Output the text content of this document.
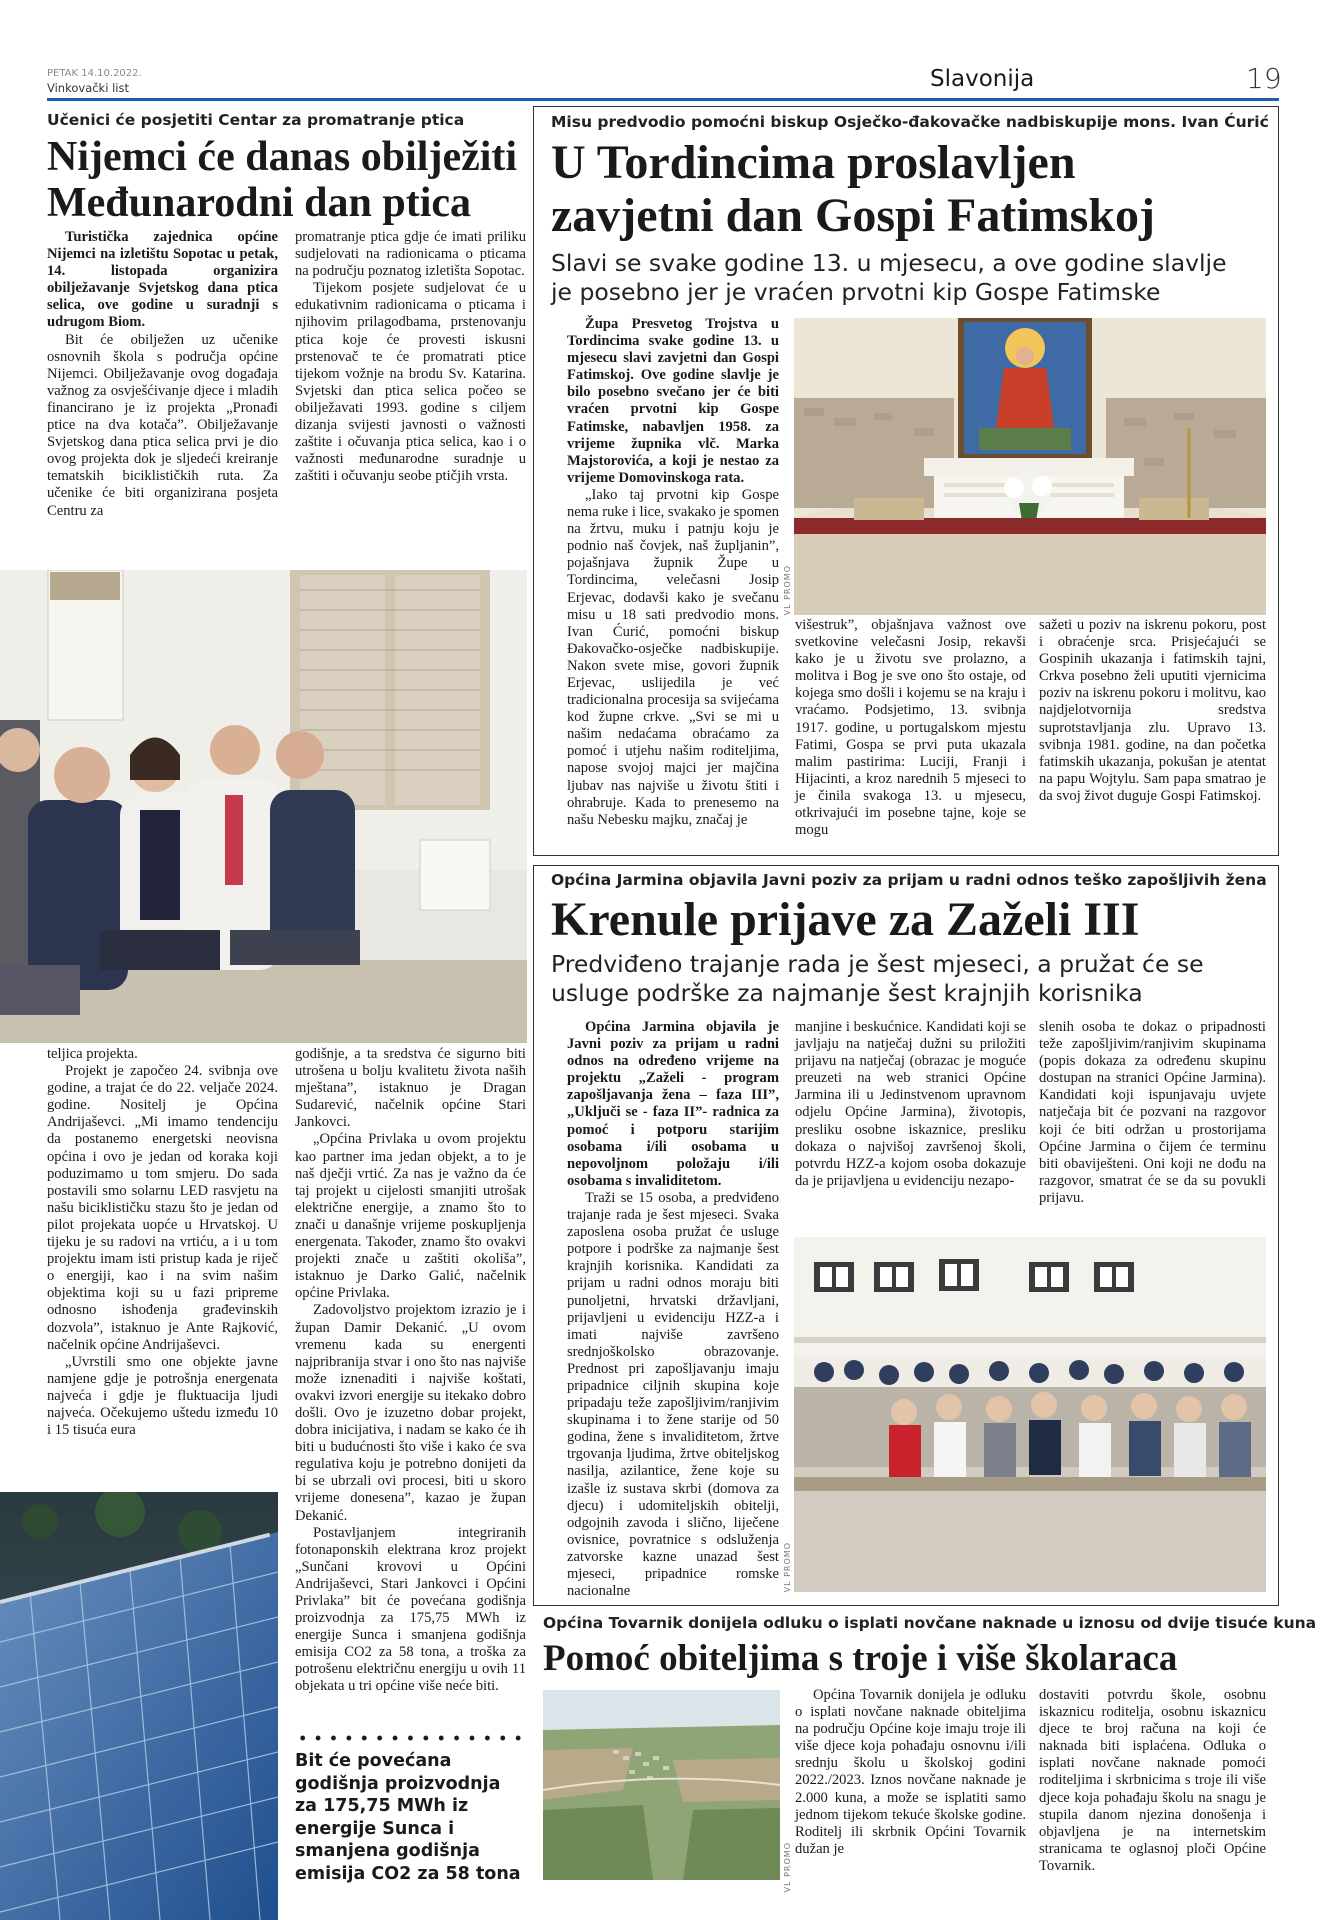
PETAK 14.10.2022.
Vinkovački list	Slavonija	19
Učenici će posjetiti Centar za promatranje ptica
Nijemci će danas obilježiti
Međunarodni dan ptica

Turistička zajednica općine Nijemci na izletištu Sopotac u petak, 14. listopada organizira obilježavanje Svjetskog dana ptica selica, ove godine u suradnji s udrugom Biom.

Bit će obilježen uz učenike osnovnih škola s područja općine Nijemci. Obilježavanje ovog događaja važnog za osvješćivanje djece i mladih financirano je iz projekta „Pronađi ptice na dva kotača”. Obilježavanje Svjetskog dana ptica selica prvi je dio ovog projekta dok je sljedeći kreiranje tematskih biciklističkih ruta. Za učenike će biti organizirana posjeta Centru za

promatranje ptica gdje će imati priliku sudjelovati na radionicama o pticama na području poznatog izletišta Sopotac.

Tijekom posjete sudjelovat će u edukativnim radionicama o pticama i njihovim prilagodbama, prstenovanju ptica koje će provesti iskusni prstenovač te će promatrati ptice tijekom vožnje na brodu Sv. Katarina. Svjetski dan ptica selica počeo se obilježavati 1993. godine s ciljem dizanja svijesti javnosti o važnosti zaštite i očuvanja ptica selica, kao i o važnosti međunarodne suradnje u zaštiti i očuvanju seobe ptičjih vrsta.

teljica projekta.

Projekt je započeo 24. svibnja ove godine, a trajat će do 22. veljače 2024. godine. Nositelj je Općina Andrijaševci. „Mi imamo tendenciju da postanemo energetski neovisna općina i ovo je jedan od koraka koji poduzimamo u tom smjeru. Do sada postavili smo solarnu LED rasvjetu na našu biciklističku stazu što je jedan od pilot projekata uopće u Hrvatskoj. U tijeku je su radovi na vrtiću, a i u tom projektu imam isti pristup kada je riječ o energiji, kao i na svim našim objektima koji su u fazi pripreme odnosno ishođenja građevinskih dozvola”, istaknuo je Ante Rajković, načelnik općine Andrijaševci.

„Uvrstili smo one objekte javne namjene gdje je potrošnja energenata najveća i gdje je fluktuacija ljudi najveća. Očekujemo uštedu između 10 i 15 tisuća eura

godišnje, a ta sredstva će sigurno biti utrošena u bolju kvalitetu života naših mještana”, istaknuo je Dragan Sudarević, načelnik općine Stari Jankovci.

„Općina Privlaka u ovom projektu kao partner ima jedan objekt, a to je naš dječji vrtić. Za nas je važno da će taj projekt u cijelosti smanjiti utrošak električne energije, a znamo što to znači u današnje vrijeme poskupljenja energenata. Također, znamo što ovakvi projekti znače u zaštiti okoliša”, istaknuo je Darko Galić, načelnik općine Privlaka.

Zadovoljstvo projektom izrazio je i župan Damir Dekanić. „U ovom vremenu kada su energenti najpribranija stvar i ono što nas najviše može iznenaditi i najviše koštati, ovakvi izvori energije su itekako dobro došli. Ovo je izuzetno dobar projekt, dobra inicijativa, i nadam se kako će ih biti u budućnosti što više i kako će sva regulativa koju je potrebno donijeti da bi se ubrzali ovi procesi, biti u skoro vrijeme donesena”, kazao je župan Dekanić.

Postavljanjem integriranih fotonaponskih elektrana kroz projekt „Sunčani krovovi u Općini Andrijaševci, Stari Jankovci i Općini Privlaka” bit će povećana godišnja proizvodnja za 175,75 MWh iz energije Sunca i smanjena godišnja emisija CO2 za 58 tona, a troška za potrošenu električnu energiju u ovih 11 objekata u tri općine više neće biti.

Bit će povećana godišnja proizvodnja za 175,75 MWh iz energije Sunca i smanjena godišnja emisija CO2 za 58 tona
Misu predvodio pomoćni biskup Osječko-đakovačke nadbiskupije mons. Ivan Ćurić
U Tordincima proslavljen
zavjetni dan Gospi Fatimskoj
Slavi se svake godine 13. u mjesecu, a ove godine slavlje
je posebno jer je vraćen prvotni kip Gospe Fatimske

Župa Presvetog Trojstva u Tordincima svake godine 13. u mjesecu slavi zavjetni dan Gospi Fatimskoj. Ove godine slavlje je bilo posebno svečano jer će biti vraćen prvotni kip Gospe Fatimske, nabavljen 1958. za vrijeme župnika vlč. Marka Majstorovića, a koji je nestao za vrijeme Domovinskoga rata.

„Iako taj prvotni kip Gospe nema ruke i lice, svakako je spomen na žrtvu, muku i patnju koju je podnio naš čovjek, naš župljanin”, pojašnjava župnik Župe u Tordincima, velečasni Josip Erjevac, dodavši kako je svečanu misu u 18 sati predvodio mons. Ivan Ćurić, pomoćni biskup Đakovačko-osječke nadbiskupije. Nakon svete mise, govori župnik Erjevac, uslijedila je već tradicionalna procesija sa svijećama kod župne crkve. „Svi se mi u našim nedaćama obraćamo za pomoć i utjehu našim roditeljima, napose svojoj majci jer majčina ljubav nas najviše u životu štiti i ohrabruje. Kada to prenesemo na našu Nebesku majku, značaj je

višestruk”, objašnjava važnost ove svetkovine velečasni Josip, rekavši kako je u životu sve prolazno, a molitva i Bog je sve ono što ostaje, od kojega smo došli i kojemu se na kraju i vraćamo. Podsjetimo, 13. svibnja 1917. godine, u portugalskom mjestu Fatimi, Gospa se prvi puta ukazala malim pastirima: Luciji, Franji i Hijacinti, a kroz narednih 5 mjeseci to je činila svakoga 13. u mjesecu, otkrivajući im posebne tajne, koje se mogu

sažeti u poziv na iskrenu pokoru, post i obraćenje srca. Prisjećajući se Gospinih ukazanja i fatimskih tajni, Crkva posebno želi uputiti vjernicima poziv na iskrenu pokoru i molitvu, kao najdjelotvornija sredstva suprotstavljanja zlu. Upravo 13. svibnja 1981. godine, na dan početka fatimskih ukazanja, pokušan je atentat na papu Wojtylu. Sam papa smatrao je da svoj život duguje Gospi Fatimskoj.

VL PROMO
Općina Jarmina objavila Javni poziv za prijam u radni odnos teško zapošljivih žena
Krenule prijave za Zaželi III
Predviđeno trajanje rada je šest mjeseci, a pružat će se
usluge podrške za najmanje šest krajnjih korisnika

Općina Jarmina objavila je Javni poziv za prijam u radni odnos na određeno vrijeme na projektu „Zaželi - program zapošljavanja žena – faza III”, „Uključi se - faza II”- radnica za pomoć i potporu starijim osobama i/ili osobama u nepovoljnom položaju i/ili osobama s invaliditetom.

Traži se 15 osoba, a predviđeno trajanje rada je šest mjeseci. Svaka zaposlena osoba pružat će usluge potpore i podrške za najmanje šest krajnjih korisnika. Kandidati za prijam u radni odnos moraju biti punoljetni, hrvatski državljani, prijavljeni u evidenciju HZZ-a i imati najviše završeno srednjoškolsko obrazovanje. Prednost pri zapošljavanju imaju pripadnice ciljnih skupina koje pripadaju teže zapošljivim/ranjivim skupinama i to žene starije od 50 godina, žene s invaliditetom, žrtve trgovanja ljudima, žrtve obiteljskog nasilja, azilantice, žene koje su izašle iz sustava skrbi (domova za djecu) i udomiteljskih obitelji, odgojnih zavoda i slično, liječene ovisnice, povratnice s odsluženja zatvorske kazne unazad šest mjeseci, pripadnice romske nacionalne

manjine i beskućnice. Kandidati koji se javljaju na natječaj dužni su priložiti prijavu na natječaj (obrazac je moguće preuzeti na web stranici Općine Jarmina ili u Jedinstvenom upravnom odjelu Općine Jarmina), životopis, presliku osobne iskaznice, presliku dokaza o najvišoj završenoj školi, potvrdu HZZ-a kojom osoba dokazuje da je prijavljena u evidenciju nezapo-

slenih osoba te dokaz o pripadnosti teže zapošljivim/ranjivim skupinama (popis dokaza za određenu skupinu dostupan na stranici Općine Jarmina). Kandidati koji ispunjavaju uvjete natječaja bit će pozvani na razgovor koji će biti održan u prostorijama Općine Jarmina o čijem će terminu biti obaviješteni. Oni koji ne dođu na razgovor, smatrat će se da su povukli prijavu.

VL PROMO
Općina Tovarnik donijela odluku o isplati novčane naknade u iznosu od dvije tisuće kuna
Pomoć obiteljima s troje i više školaraca
VL PROMO

Općina Tovarnik donijela je odluku o isplati novčane naknade obiteljima na području Općine koje imaju troje ili više djece koja pohađaju osnovnu i/ili srednju školu u školskoj godini 2022./2023. Iznos novčane naknade je 2.000 kuna, a može se isplatiti samo jednom tijekom tekuće školske godine. Roditelj ili skrbnik Općini Tovarnik dužan je

dostaviti potvrdu škole, osobnu iskaznicu roditelja, osobnu iskaznicu djece te broj računa na koji će naknada biti isplaćena. Odluka o isplati novčane naknade pomoći roditeljima i skrbnicima s troje ili više djece koja pohađaju školu na snagu je stupila danom njezina donošenja i objavljena je na internetskim stranicama te oglasnoj ploči Općine Tovarnik.
